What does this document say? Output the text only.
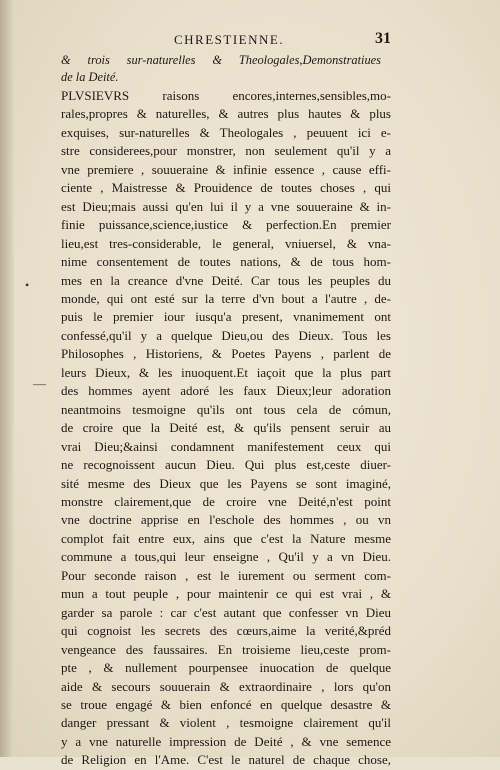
CHRESTIENNE.	31
& trois sur-naturelles & Theologales,Demonstratiues
de la Deité.
PLVSIEVRS raisons encores,internes,sensibles,mo-
rales,propres & naturelles, & autres plus hautes & plus
exquises, sur-naturelles & Theologales , peuuent ici e-
stre considerees,pour monstrer, non seulement qu'il y a
vne premiere , souueraine & infinie essence , cause effi-
ciente , Maistresse & Prouidence de toutes choses , qui
est Dieu;mais aussi qu'en lui il y a vne souueraine & in-
finie puissance,science,iustice & perfection.En premier
lieu,est tres-considerable, le general, vniuersel, & vna-
nime consentement de toutes nations, & de tous hom-
mes en la creance d'vne Deité. Car tous les peuples du
monde, qui ont esté sur la terre d'vn bout a l'autre , de-
puis le premier iour iusqu'a present, vnanimement ont
confessé,qu'il y a quelque Dieu,ou des Dieux. Tous les
Philosophes , Historiens, & Poetes Payens , parlent de
leurs Dieux, & les inuoquent.Et iaçoit que la plus part
des hommes ayent adoré les faux Dieux;leur adoration
neantmoins tesmoigne qu'ils ont tous cela de cómun,
de croire que la Deité est, & qu'ils pensent seruir au
vrai Dieu;&ainsi condamnent manifestement ceux qui
ne recognoissent aucun Dieu. Qui plus est,ceste diuer-
sité mesme des Dieux que les Payens se sont imaginé,
monstre clairement,que de croire vne Deité,n'est point
vne doctrine apprise en l'eschole des hommes , ou vn
complot fait entre eux, ains que c'est la Nature mesme
commune a tous,qui leur enseigne , Qu'il y a vn Dieu.
Pour seconde raison , est le iurement ou serment com-
mun a tout peuple , pour maintenir ce qui est vrai , &
garder sa parole : car c'est autant que confesser vn Dieu
qui cognoist les secrets des cœurs,aime la verité,&préd
vengeance des faussaires. En troisieme lieu,ceste prom-
pte , & nullement pourpensee inuocation de quelque
aide & secours souuerain & extraordinaire , lors qu'on
se troue engagé & bien enfoncé en quelque desastre &
danger pressant & violent , tesmoigne clairement qu'il
y a vne naturelle impression de Deité , & vne semence
de Religion en l'Ame. C'est le naturel de chaque chose,
•
—
